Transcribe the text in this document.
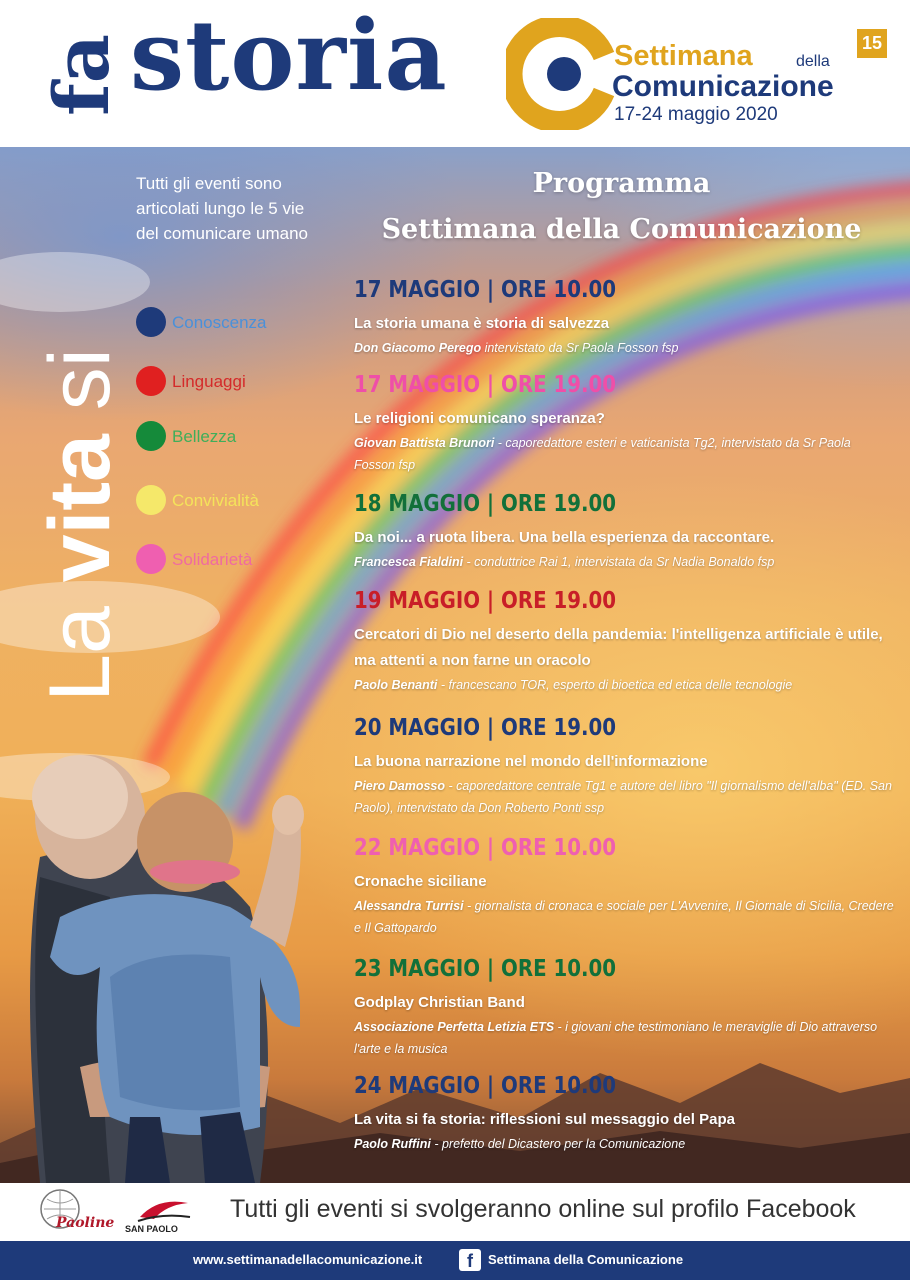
fa storia	Settimana	della
Comunicazione
17-24 maggio 2020
15
La vita si
Tutti gli eventi sono articolati lungo le 5 vie del comunicare umano
Conoscenza
Linguaggi
Bellezza
Convivialità
Solidarietà
Programma
Settimana della Comunicazione
17 MAGGIO | ORE 10.00
La storia umana è storia di salvezza
Don Giacomo Perego intervistato da Sr Paola Fosson fsp
17 MAGGIO | ORE 19.00
Le religioni comunicano speranza?
Giovan Battista Brunori - caporedattore esteri e vaticanista Tg2, intervistato da Sr Paola Fosson fsp
18 MAGGIO | ORE 19.00
Da noi... a ruota libera. Una bella esperienza da raccontare.
Francesca Fialdini - conduttrice Rai 1, intervistata da Sr Nadia Bonaldo fsp
19 MAGGIO | ORE 19.00
Cercatori di Dio nel deserto della pandemia: l'intelligenza artificiale è utile, ma attenti a non farne un oracolo
Paolo Benanti - francescano TOR, esperto di bioetica ed etica delle tecnologie
20 MAGGIO | ORE 19.00
La buona narrazione nel mondo dell'informazione
Piero Damosso - caporedattore centrale Tg1 e autore del libro "Il giornalismo dell'alba" (ED. San Paolo), intervistato da Don Roberto Ponti ssp
22 MAGGIO | ORE 10.00
Cronache siciliane
Alessandra Turrisi - giornalista di cronaca e sociale per L'Avvenire, Il Giornale di Sicilia, Credere e Il Gattopardo
23 MAGGIO | ORE 10.00
Godplay Christian Band
Associazione Perfetta Letizia ETS - i giovani che testimoniano le meraviglie di Dio attraverso l'arte e la musica
24 MAGGIO | ORE 10.00
La vita si fa storia: riflessioni sul messaggio del Papa
Paolo Ruffini - prefetto del Dicastero per la Comunicazione
Paoline SAN PAOLO
Tutti gli eventi si svolgeranno online sul profilo Facebook
www.settimanadellacomunicazione.it	f	Settimana della Comunicazione
